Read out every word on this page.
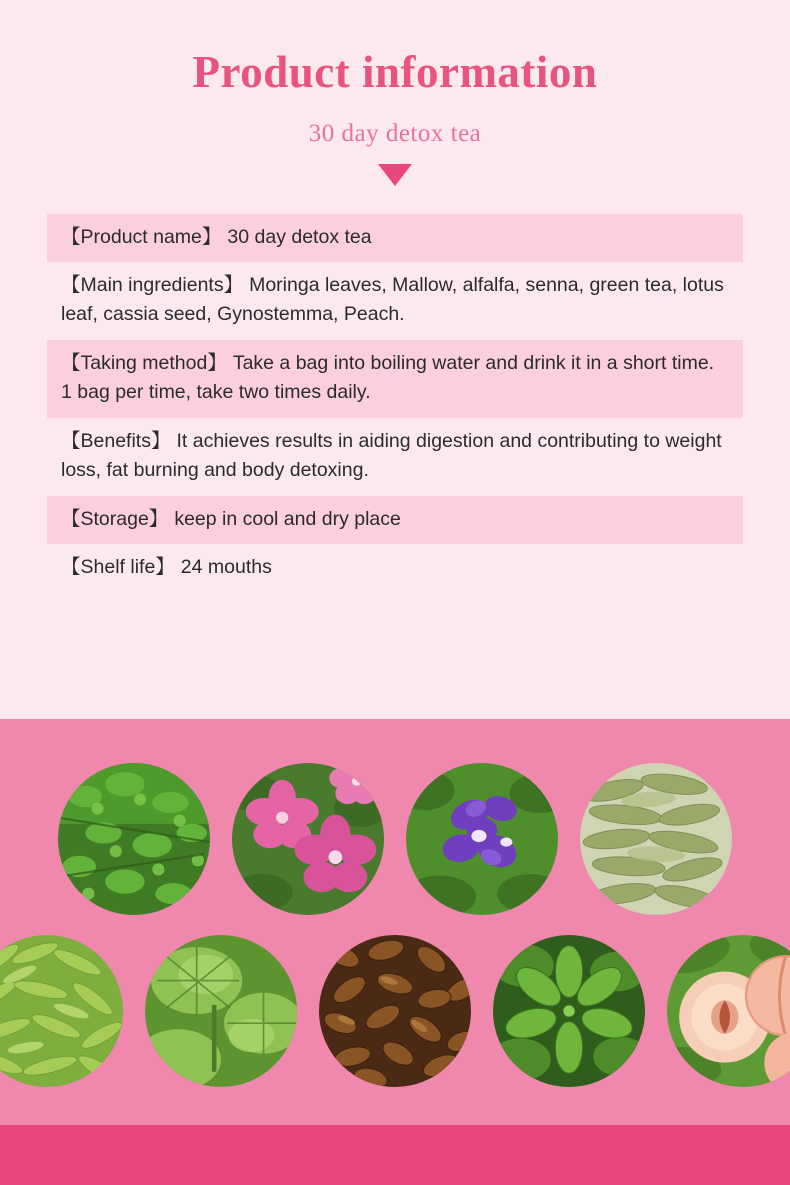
Product information
30 day detox tea
【Product name】 30 day detox tea
【Main ingredients】 Moringa leaves, Mallow, alfalfa, senna, green tea, lotus leaf, cassia seed, Gynostemma, Peach.
【Taking method】 Take a bag into boiling water and drink it in a short time. 1 bag per time, take two times daily.
【Benefits】 It achieves results in aiding digestion and contributing to weight loss, fat burning and body detoxing.
【Storage】 keep in cool and dry place
【Shelf life】 24 mouths
